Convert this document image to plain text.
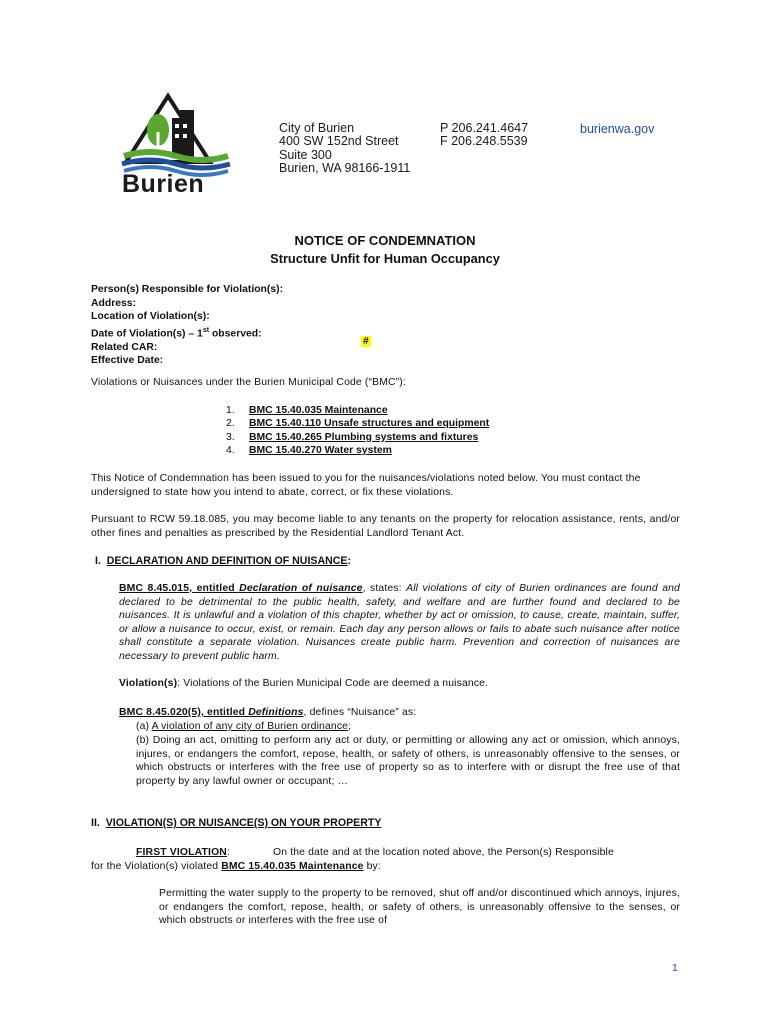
Burien
City of Burien
400 SW 152nd Street
Suite 300
Burien, WA 98166-1911
P 206.241.4647
F 206.248.5539
burienwa.gov
NOTICE OF CONDEMNATION
Structure Unfit for Human Occupancy
Person(s) Responsible for Violation(s):
Address:
Location of Violation(s):
Date of Violation(s) – 1st observed:
Related CAR:
Effective Date:
#
Violations or Nuisances under the Burien Municipal Code (“BMC”):
1.	BMC 15.40.035 Maintenance
2.	BMC 15.40.110 Unsafe structures and equipment
3.	BMC 15.40.265 Plumbing systems and fixtures
4.	BMC 15.40.270 Water system
This Notice of Condemnation has been issued to you for the nuisances/violations noted below. You must contact the undersigned to state how you intend to abate, correct, or fix these violations.
Pursuant to RCW 59.18.085, you may become liable to any tenants on the property for relocation assistance, rents, and/or other fines and penalties as prescribed by the Residential Landlord Tenant Act.
I. DECLARATION AND DEFINITION OF NUISANCE:
BMC 8.45.015, entitled Declaration of nuisance, states: All violations of city of Burien ordinances are found and declared to be detrimental to the public health, safety, and welfare and are further found and declared to be nuisances. It is unlawful and a violation of this chapter, whether by act or omission, to cause, create, maintain, suffer, or allow a nuisance to occur, exist, or remain. Each day any person allows or fails to abate such nuisance after notice shall constitute a separate violation. Nuisances create public harm. Prevention and correction of nuisances are necessary to prevent public harm.
Violation(s): Violations of the Burien Municipal Code are deemed a nuisance.
BMC 8.45.020(5), entitled Definitions, defines “Nuisance” as:
(a) A violation of any city of Burien ordinance;
(b) Doing an act, omitting to perform any act or duty, or permitting or allowing any act or omission, which annoys, injures, or endangers the comfort, repose, health, or safety of others, is unreasonably offensive to the senses, or which obstructs or interferes with the free use of property so as to interfere with or disrupt the free use of that property by any lawful owner or occupant; …
II. VIOLATION(S) OR NUISANCE(S) ON YOUR PROPERTY
FIRST VIOLATION:	On the date and at the location noted above, the Person(s) Responsible
for the Violation(s) violated BMC 15.40.035 Maintenance by:
Permitting the water supply to the property to be removed, shut off and/or discontinued which annoys, injures, or endangers the comfort, repose, health, or safety of others, is unreasonably offensive to the senses, or which obstructs or interferes with the free use of
1
